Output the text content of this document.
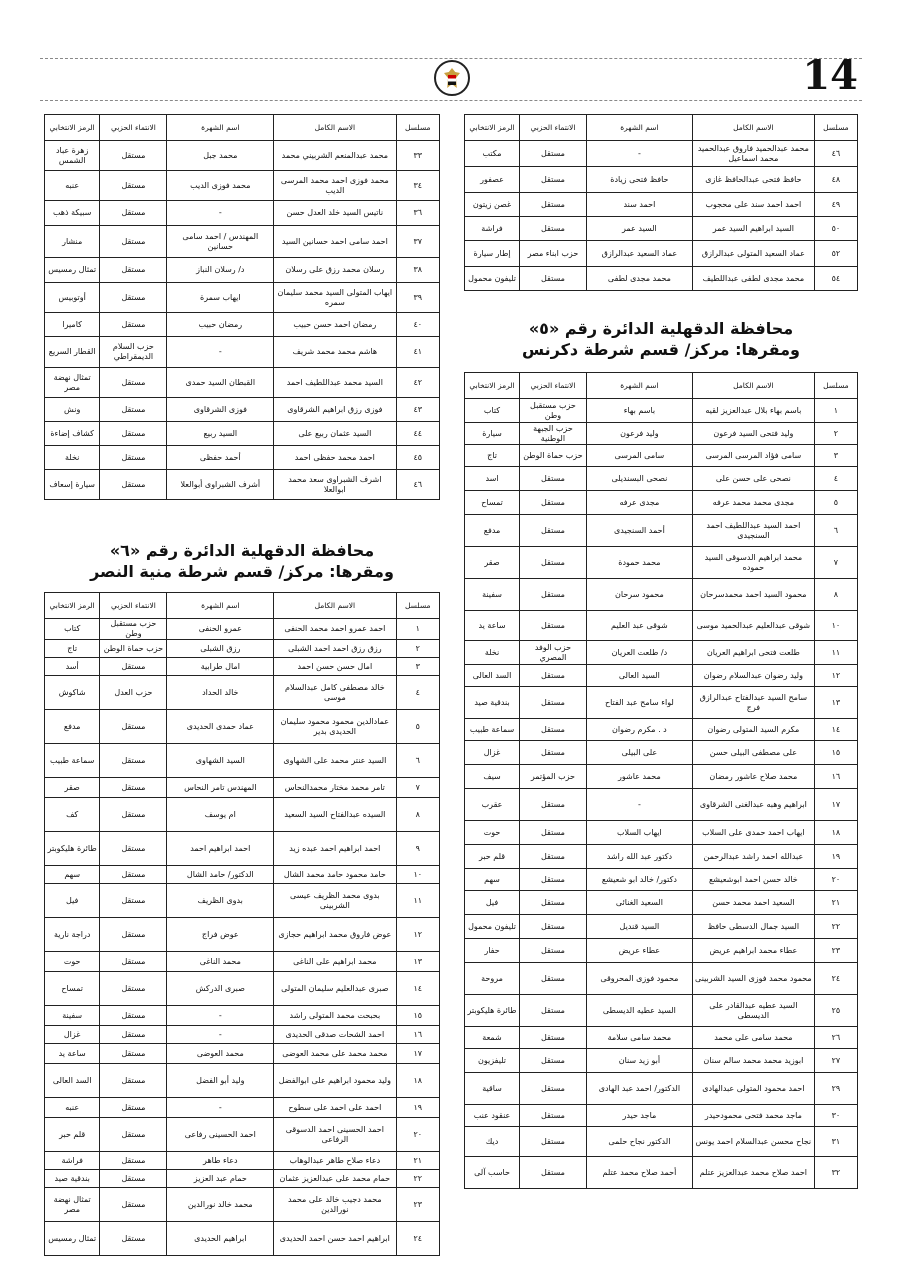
14
مسلسل	الاسم الكامل	اسم الشهرة	الانتماء الحزبي	الرمز الانتخابي
٤٦	محمد عبدالحميد فاروق عبدالحميد محمد اسماعيل	-	مستقل	مكتب
٤٨	حافظ فتحى عبدالحافظ غازى	حافظ فتحى زيادة	مستقل	عصفور
٤٩	احمد احمد سند على محجوب	احمد سند	مستقل	غصن زيتون
٥٠	السيد ابراهيم السيد عمر	السيد عمر	مستقل	فراشة
٥٢	عماد السعيد المتولى عبدالرازق	عماد السعيد عبدالرازق	حزب ابناء مصر	إطار سيارة
٥٤	محمد مجدى لطفى عبداللطيف	محمد مجدى لطفى	مستقل	تليفون محمول
مسلسل	الاسم الكامل	اسم الشهرة	الانتماء الحزبي	الرمز الانتخابي
٣٣	محمد عبدالمنعم الشربيني محمد	محمد جبل	مستقل	زهرة عباد الشمس
٣٤	محمد فوزى احمد محمد المرسى الديب	محمد فوزى الديب	مستقل	عنبه
٣٦	ناتيس السيد خلد العدل حسن	-	مستقل	سبيكة ذهب
٣٧	احمد سامى احمد حسانين السيد	المهندس / احمد سامى حسانين	مستقل	منشار
٣٨	رسلان محمد رزق على رسلان	د/ رسلان النباز	مستقل	تمثال رمسيس
٣٩	ايهاب المتولى السيد محمد سليمان سمره	ايهاب سمرة	مستقل	أوتوبيس
٤٠	رمضان احمد حسن حبيب	رمضان حبيب	مستقل	كاميرا
٤١	هاشم محمد محمد شريف	-	حزب السلام الديمقراطي	القطار السريع
٤٢	السيد محمد عبداللطيف احمد	القبطان السيد حمدى	مستقل	تمثال نهضة مصر
٤٣	فوزى رزق ابراهيم الشرقاوى	فوزى الشرقاوى	مستقل	ونش
٤٤	السيد عثمان ربيع على	السيد ربيع	مستقل	كشاف إضاءة
٤٥	احمد محمد حفظى احمد	أحمد حفظى	مستقل	نخلة
٤٦	اشرف الشبراوى سعد محمد ابوالعلا	أشرف الشبراوى أبوالعلا	مستقل	سيارة إسعاف
محافظة الدقهلية الدائرة رقم «٥»
ومقرها: مركز/ قسم شرطة دكرنس
مسلسل	الاسم الكامل	اسم الشهرة	الانتماء الحزبي	الرمز الانتخابي
١	باسم بهاء بلال عبدالعزيز لقيه	باسم بهاء	حزب مستقبل وطن	كتاب
٢	وليد فتحى السيد فرعون	وليد فرعون	حزب الجبهة الوطنية	سيارة
٣	سامى فؤاد المرسى المرسى	سامى المرسى	حزب حماة الوطن	تاج
٤	نصحى على حسن على	نصحى البسنديلى	مستقل	اسد
٥	مجدى محمد محمد عرفه	مجدى عرفه	مستقل	تمساح
٦	احمد السيد عبداللطيف احمد السنجيدى	أحمد السنجيدى	مستقل	مدفع
٧	محمد ابراهيم الدسوقى السيد حموده	محمد حمودة	مستقل	صقر
٨	محمود السيد احمد محمدسرحان	محمود سرحان	مستقل	سفينة
١٠	شوقى عبدالعليم عبدالحميد موسى	شوقى عبد العليم	مستقل	ساعة يد
١١	طلعت فتحى ابراهيم العريان	د/ طلعت العريان	حزب الوفد المصري	نخلة
١٢	وليد رضوان عبدالسلام رضوان	السيد العالى	مستقل	السد العالى
١٣	سامح السيد عبدالفتاح عبدالرازق فرج	لواء سامح عبد الفتاح	مستقل	بندقية صيد
١٤	مكرم السيد المتولى رضوان	د . مكرم رضوان	مستقل	سماعة طبيب
١٥	على مصطفى البيلى حسن	على البيلى	مستقل	غزال
١٦	محمد صلاح عاشور رمضان	محمد عاشور	حزب المؤتمر	سيف
١٧	ابراهيم وهبه عبدالغنى الشرقاوى	-	مستقل	عقرب
١٨	ايهاب احمد حمدى على السلاب	ايهاب السلاب	مستقل	حوت
١٩	عبدالله احمد راشد عبدالرحمن	دكتور عبد الله راشد	مستقل	قلم حبر
٢٠	خالد حسن احمد ابوشعيشع	دكتور/ خالد ابو شعيشع	مستقل	سهم
٢١	السعيد احمد محمد حسن	السعيد الغنائى	مستقل	فيل
٢٢	السيد جمال الدسطى حافظ	السيد قنديل	مستقل	تليفون محمول
٢٣	عطاء محمد ابراهيم عريض	عطاء عريض	مستقل	حفار
٢٤	محمود محمد فوزى السيد الشربينى	محمود فوزى المحروقى	مستقل	مروحة
٢٥	السيد عطيه عبدالقادر على الديسطى	السيد عطيه الديسطى	مستقل	طائرة هليكوبتر
٢٦	محمد سامى على محمد	محمد سامى سلامة	مستقل	شمعة
٢٧	ابوزيد محمد محمد سالم سنان	أبو زيد سنان	مستقل	تليفزيون
٢٩	احمد محمود المتولى عبدالهادى	الدكتور/ احمد عبد الهادى	مستقل	ساقية
٣٠	ماجد محمد فتحى محمودحيدر	ماجد حيدر	مستقل	عنقود عنب
٣١	نجاح محسن عبدالسلام احمد يونس	الدكتور نجاح حلمى	مستقل	ديك
٣٢	احمد صلاح محمد عبدالعزيز عتلم	أحمد صلاح محمد عتلم	مستقل	حاسب آلى
محافظة الدقهلية الدائرة رقم «٦»
ومقرها: مركز/ قسم شرطة منية النصر
مسلسل	الاسم الكامل	اسم الشهرة	الانتماء الحزبي	الرمز الانتخابي
١	احمد عمرو احمد محمد الحنفى	عمرو الحنفى	حزب مستقبل وطن	كتاب
٢	رزق رزق احمد احمد الشبلى	رزق الشبلى	حزب حماة الوطن	تاج
٣	امال حسن حسن احمد	امال طرابية	مستقل	أسد
٤	خالد مصطفى كامل عبدالسلام موسى	خالد الحداد	حزب العدل	شاكوش
٥	عمادالدين محمود محمود سليمان الحديدى بدير	عماد حمدى الحديدى	مستقل	مدفع
٦	السيد عنتر محمد على الشهاوى	السيد الشهاوى	مستقل	سماعة طبيب
٧	تامر محمد مختار محمدالنحاس	المهندس تامر النحاس	مستقل	صقر
٨	السيده عبدالفتاح السيد السعيد	ام يوسف	مستقل	كف
٩	احمد ابراهيم احمد عبده زيد	احمد ابراهيم احمد	مستقل	طائرة هليكوبتر
١٠	حامد محمود حامد محمد الشال	الدكتور/ حامد الشال	مستقل	سهم
١١	بدوى محمد الظريف عيسى الشربينى	بدوى الظريف	مستقل	فيل
١٢	عوض فاروق محمد ابراهيم حجازى	عوض فراج	مستقل	دراجة نارية
١٣	محمد ابراهيم على الناغى	محمد الناغى	مستقل	حوت
١٤	صبرى عبدالعليم سليمان المتولى	صبرى الدركش	مستقل	تمساح
١٥	بحبحت محمد المتولى راشد	-	مستقل	سفينة
١٦	احمد الشحات صدقى الحديدى	-	مستقل	غزال
١٧	محمد محمد على محمد العوضى	محمد العوضى	مستقل	ساعة يد
١٨	وليد محمود ابراهيم على ابوالفضل	وليد أبو الفضل	مستقل	السد العالى
١٩	احمد على احمد على سطوح	-	مستقل	عنبه
٢٠	احمد الحسينى احمد الدسوقى الرفاعى	احمد الحسينى رفاعى	مستقل	قلم حبر
٢١	دعاء صلاح طاهر عبدالوهاب	دعاء طاهر	مستقل	فراشة
٢٢	حمام محمد على عبدالعزيز عثمان	حمام عبد العزيز	مستقل	بندقية صيد
٢٣	محمد دجيب خالد على محمد نورالدين	محمد خالد نورالدين	مستقل	تمثال نهضة مصر
٢٤	ابراهيم احمد حسن احمد الحديدى	ابراهيم الحديدى	مستقل	تمثال رمسيس
